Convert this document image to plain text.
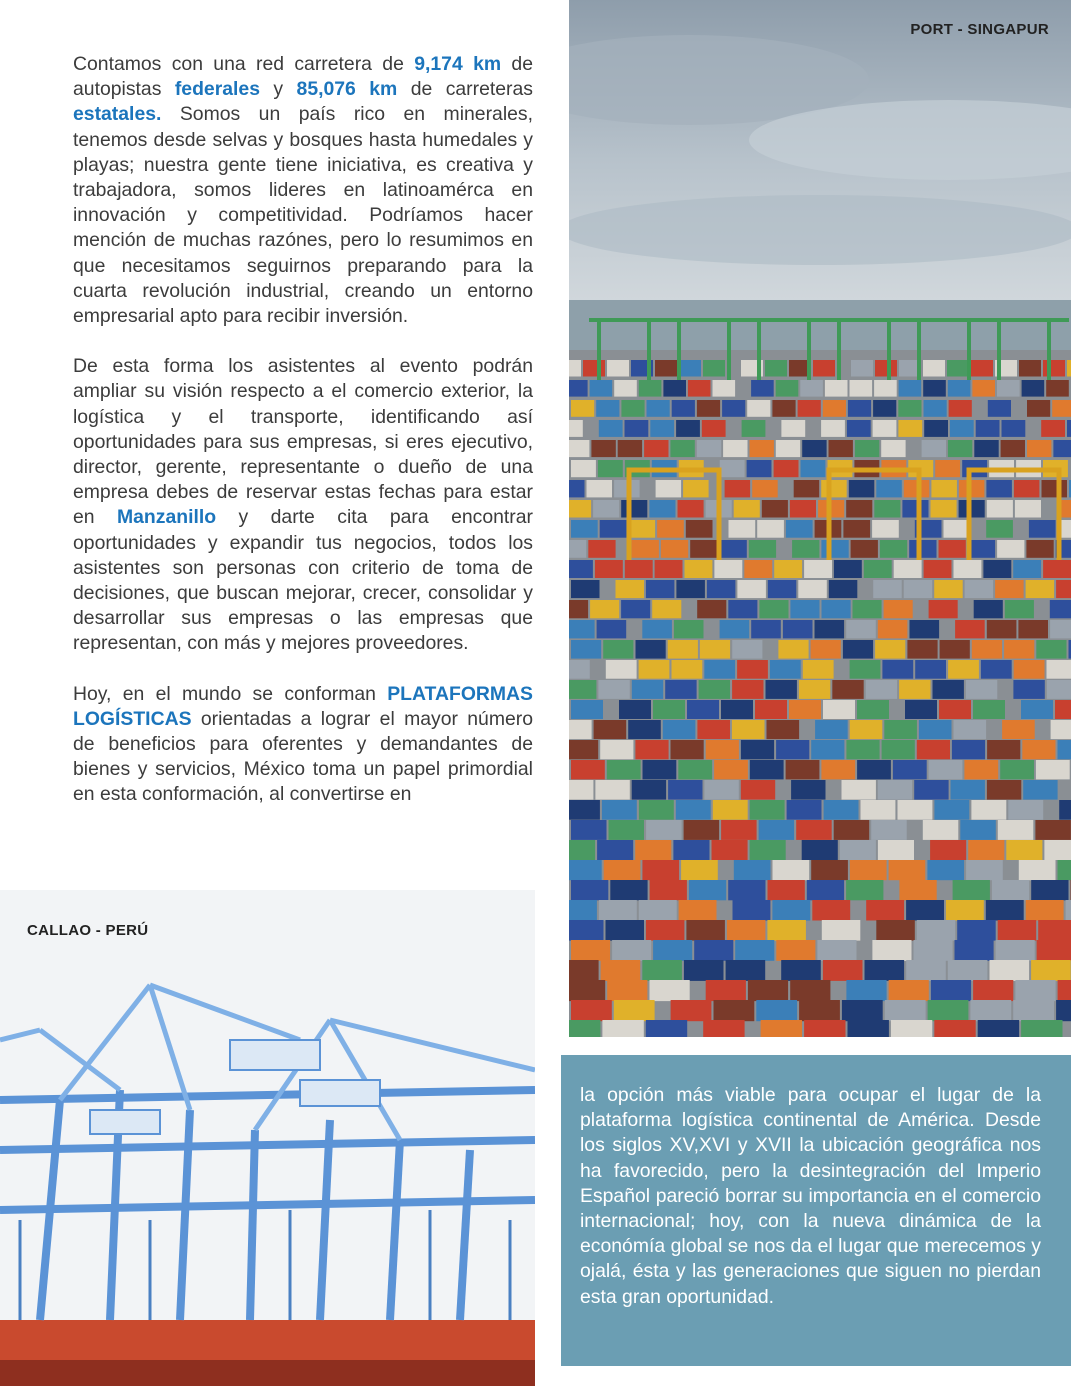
Contamos con una red carretera de 9,174 km de autopistas federales y 85,076 km de carreteras estatales. Somos un país rico en minerales, tenemos desde selvas y bosques hasta humedales y playas; nuestra gente tiene iniciativa, es creativa y trabajadora, somos lideres en latinoamérca en innovación y competitividad. Podríamos hacer mención de muchas razónes, pero lo resumimos en que necesitamos seguirnos preparando para la cuarta revolución industrial, creando un entorno empresarial apto para recibir inversión.

De esta forma los asistentes al evento podrán ampliar su visión respecto a el comercio exterior, la logística y el transporte, identificando así oportunidades para sus empresas, si eres ejecutivo, director, gerente, representante o dueño de una empresa debes de reservar estas fechas para estar en Manzanillo y darte cita para encontrar oportunidades y expandir tus negocios, todos los asistentes son personas con criterio de toma de decisiones, que buscan mejorar, crecer, consolidar y desarrollar sus empresas o las empresas que representan, con más y mejores proveedores.

Hoy, en el mundo se conforman PLATAFORMAS LOGÍSTICAS orientadas a lograr el mayor número de beneficios para oferentes y demandantes de bienes y servicios, México toma un papel primordial en esta conformación, al convertirse en

PORT - SINGAPUR
CALLAO - PERÚ

la opción más viable para ocupar el lugar de la plataforma logística continental de América. Desde los siglos XV,XVI y XVII la ubicación geográfica nos ha favorecido, pero la desintegración del Imperio Español pareció borrar su importancia en el comercio internacional; hoy, con la nueva dinámica de la económía global se nos da el lugar que merecemos y ojalá, ésta y las generaciones que siguen no pierdan esta gran oportunidad.
